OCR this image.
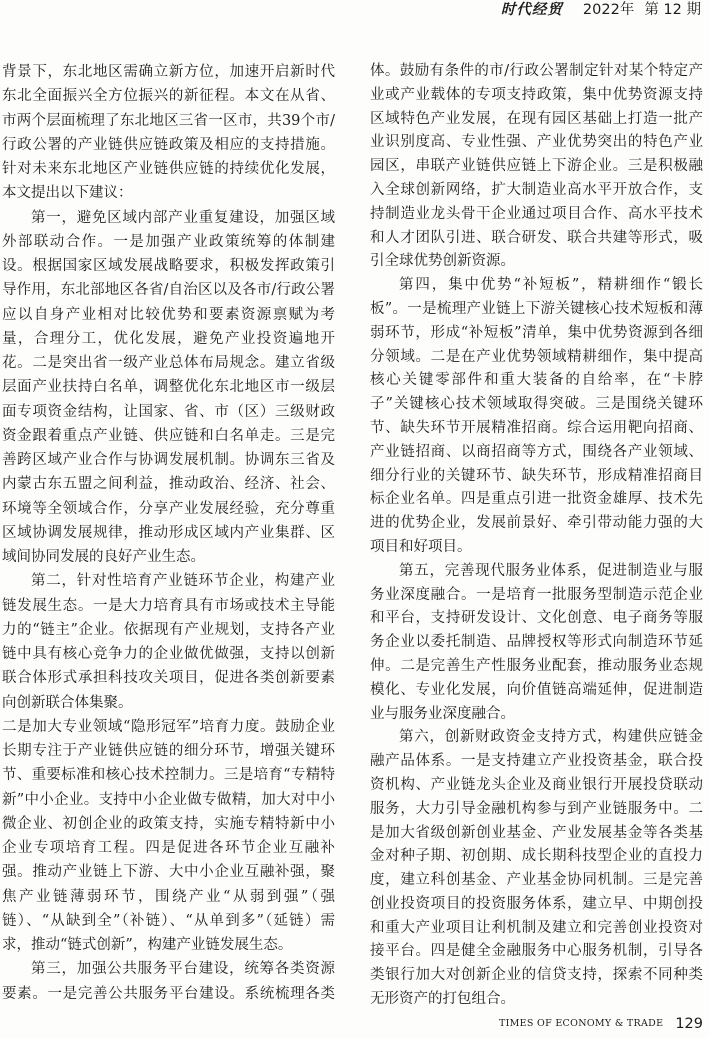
时代经贸 2022年 第 12 期

背景下，东北地区需确立新方位，加速开启新时代东北全面振兴全方位振兴的新征程。本文在从省、市两个层面梳理了东北地区三省一区市，共39个市/行政公署的产业链供应链政策及相应的支持措施。针对未来东北地区产业链供应链的持续优化发展，本文提出以下建议：

第一，避免区域内部产业重复建设，加强区域外部联动合作。一是加强产业政策统筹的体制建设。根据国家区域发展战略要求，积极发挥政策引导作用，东北部地区各省/自治区以及各市/行政公署应以自身产业相对比较优势和要素资源禀赋为考量，合理分工，优化发展，避免产业投资遍地开花。二是突出省一级产业总体布局规念。建立省级层面产业扶持白名单，调整优化东北地区市一级层面专项资金结构，让国家、省、市（区）三级财政资金跟着重点产业链、供应链和白名单走。三是完善跨区域产业合作与协调发展机制。协调东三省及内蒙古东五盟之间利益，推动政治、经济、社会、环境等全领域合作，分享产业发展经验，充分尊重区域协调发展规律，推动形成区域内产业集群、区域间协同发展的良好产业生态。

第二，针对性培育产业链环节企业，构建产业链发展生态。一是大力培育具有市场或技术主导能力的“链主”企业。依据现有产业规划，支持各产业链中具有核心竞争力的企业做优做强，支持以创新联合体形式承担科技攻关项目，促进各类创新要素向创新联合体集聚。

二是加大专业领域“隐形冠军”培育力度。鼓励企业长期专注于产业链供应链的细分环节，增强关键环节、重要标准和核心技术控制力。三是培育“专精特新”中小企业。支持中小企业做专做精，加大对中小微企业、初创企业的政策支持，实施专精特新中小企业专项培育工程。四是促进各环节企业互融补强。推动产业链上下游、大中小企业互融补强，聚焦产业链薄弱环节，围绕产业“从弱到强”（强链）、“从缺到全”（补链）、“从单到多”（延链）需求，推动“链式创新”，构建产业链发展生态。

第三，加强公共服务平台建设，统筹各类资源要素。一是完善公共服务平台建设。系统梳理各类

体。鼓励有条件的市/行政公署制定针对某个特定产业或产业载体的专项支持政策，集中优势资源支持区域特色产业发展，在现有园区基础上打造一批产业识别度高、专业性强、产业优势突出的特色产业园区，串联产业链供应链上下游企业。三是积极融入全球创新网络，扩大制造业高水平开放合作，支持制造业龙头骨干企业通过项目合作、高水平技术和人才团队引进、联合研发、联合共建等形式，吸引全球优势创新资源。

第四，集中优势“补短板”，精耕细作“锻长板”。一是梳理产业链上下游关键核心技术短板和薄弱环节，形成“补短板”清单，集中优势资源到各细分领域。二是在产业优势领域精耕细作，集中提高核心关键零部件和重大装备的自给率，在“卡脖子”关键核心技术领域取得突破。三是围绕关键环节、缺失环节开展精准招商。综合运用靶向招商、产业链招商、以商招商等方式，围绕各产业领域、细分行业的关键环节、缺失环节，形成精准招商目标企业名单。四是重点引进一批资金雄厚、技术先进的优势企业，发展前景好、牵引带动能力强的大项目和好项目。

第五，完善现代服务业体系，促进制造业与服务业深度融合。一是培育一批服务型制造示范企业和平台，支持研发设计、文化创意、电子商务等服务企业以委托制造、品牌授权等形式向制造环节延伸。二是完善生产性服务业配套，推动服务业态规模化、专业化发展，向价值链高端延伸，促进制造业与服务业深度融合。

第六，创新财政资金支持方式，构建供应链金融产品体系。一是支持建立产业投资基金，联合投资机构、产业链龙头企业及商业银行开展投贷联动服务，大力引导金融机构参与到产业链服务中。二是加大省级创新创业基金、产业发展基金等各类基金对种子期、初创期、成长期科技型企业的直投力度，建立科创基金、产业基金协同机制。三是完善创业投资项目的投资服务体系，建立早、中期创投和重大产业项目让利机制及建立和完善创业投资对接平台。四是健全金融服务中心服务机制，引导各类银行加大对创新企业的信贷支持，探索不同种类无形资产的打包组合。

TIMES OF ECONOMY & TRADE 129
